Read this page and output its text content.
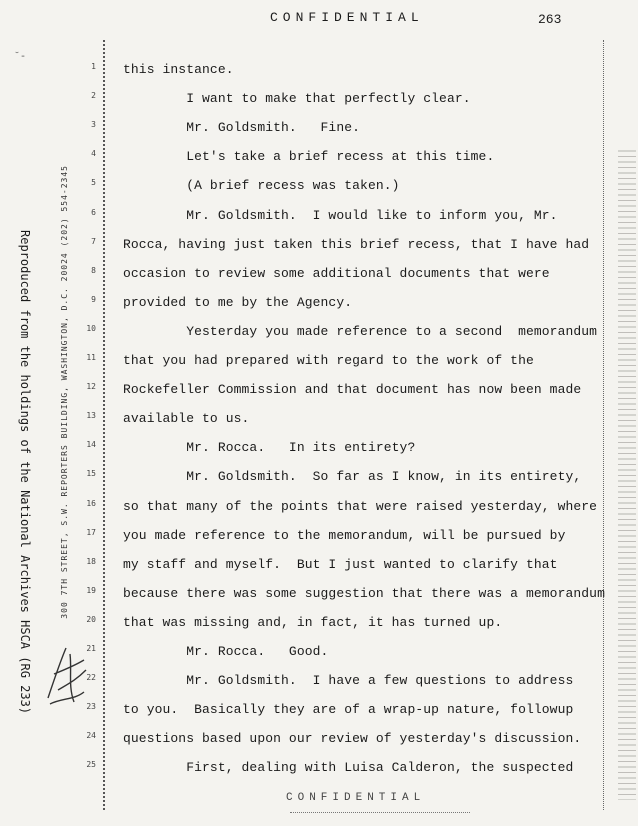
CONFIDENTIAL	263
˘‑
Reproduced from the holdings of the National Archives HSCA (RG 233)	300 7TH STREET, S.W. REPORTERS BUILDING, WASHINGTON, D.C. 20024 (202) 554-2345
1
2
3
4
5
6
7
8
9
10
11
12
13
14
15
16
17
18
19
20
21
22
23
24
25
this instance.
I want to make that perfectly clear.
Mr. Goldsmith.   Fine.
Let's take a brief recess at this time.
(A brief recess was taken.)
Mr. Goldsmith.  I would like to inform you, Mr.
Rocca, having just taken this brief recess, that I have had
occasion to review some additional documents that were
provided to me by the Agency.
Yesterday you made reference to a second  memorandum
that you had prepared with regard to the work of the
Rockefeller Commission and that document has now been made
available to us.
Mr. Rocca.   In its entirety?
Mr. Goldsmith.  So far as I know, in its entirety,
so that many of the points that were raised yesterday, where
you made reference to the memorandum, will be pursued by
my staff and myself.  But I just wanted to clarify that
because there was some suggestion that there was a memorandum
that was missing and, in fact, it has turned up.
Mr. Rocca.   Good.
Mr. Goldsmith.  I have a few questions to address
to you.  Basically they are of a wrap-up nature, followup
questions based upon our review of yesterday's discussion.
First, dealing with Luisa Calderon, the suspected
CONFIDENTIAL
